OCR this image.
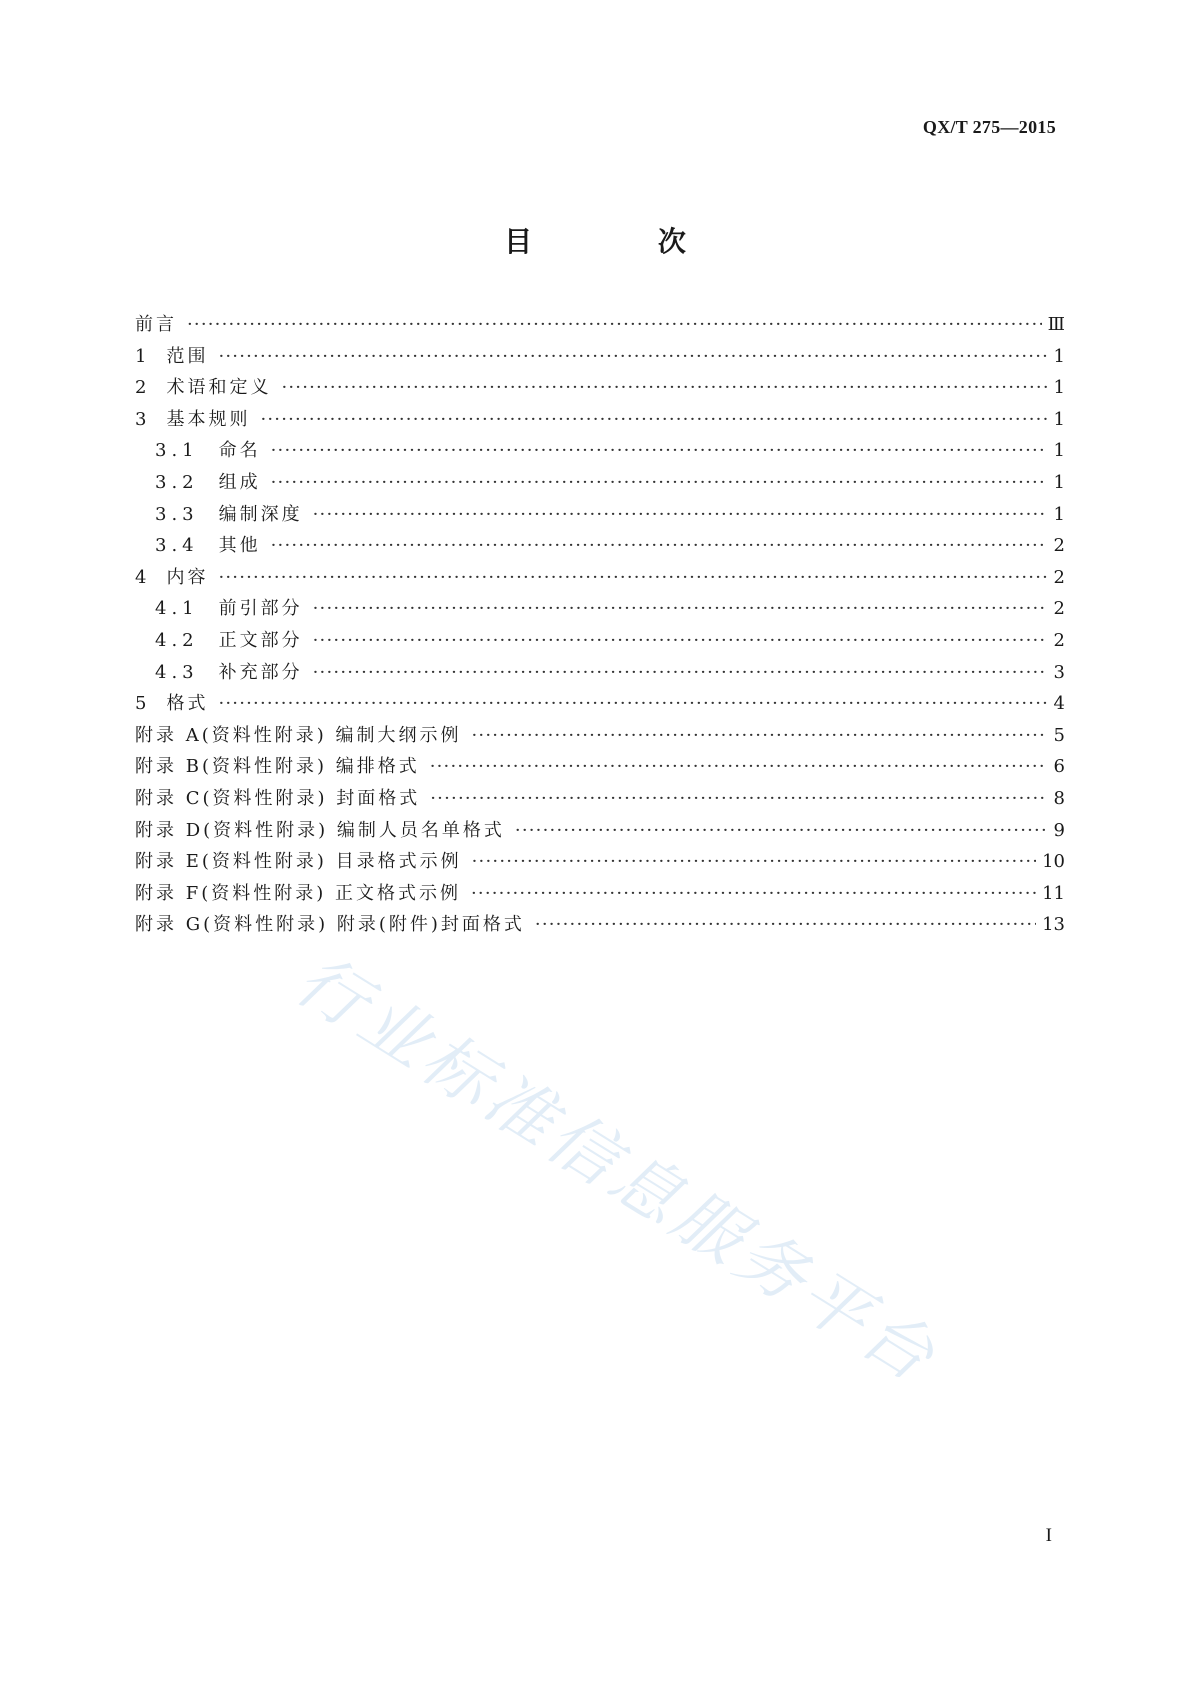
QX/T 275—2015
目 次
前言 ·····	Ⅲ
1 范围 ·····	1
2 术语和定义 ·····	1
3 基本规则 ·····	1
3.1 命名 ·····	1
3.2 组成 ·····	1
3.3 编制深度 ·····	1
3.4 其他 ·····	2
4 内容 ·····	2
4.1 前引部分 ·····	2
4.2 正文部分 ·····	2
4.3 补充部分 ·····	3
5 格式 ·····	4
附录 A(资料性附录) 编制大纲示例 ·····	5
附录 B(资料性附录) 编排格式 ·····	6
附录 C(资料性附录) 封面格式 ·····	8
附录 D(资料性附录) 编制人员名单格式 ·····	9
附录 E(资料性附录) 目录格式示例 ·····	10
附录 F(资料性附录) 正文格式示例 ·····	11
附录 G(资料性附录) 附录(附件)封面格式 ·····	13
I
行业标准信息服务平台
